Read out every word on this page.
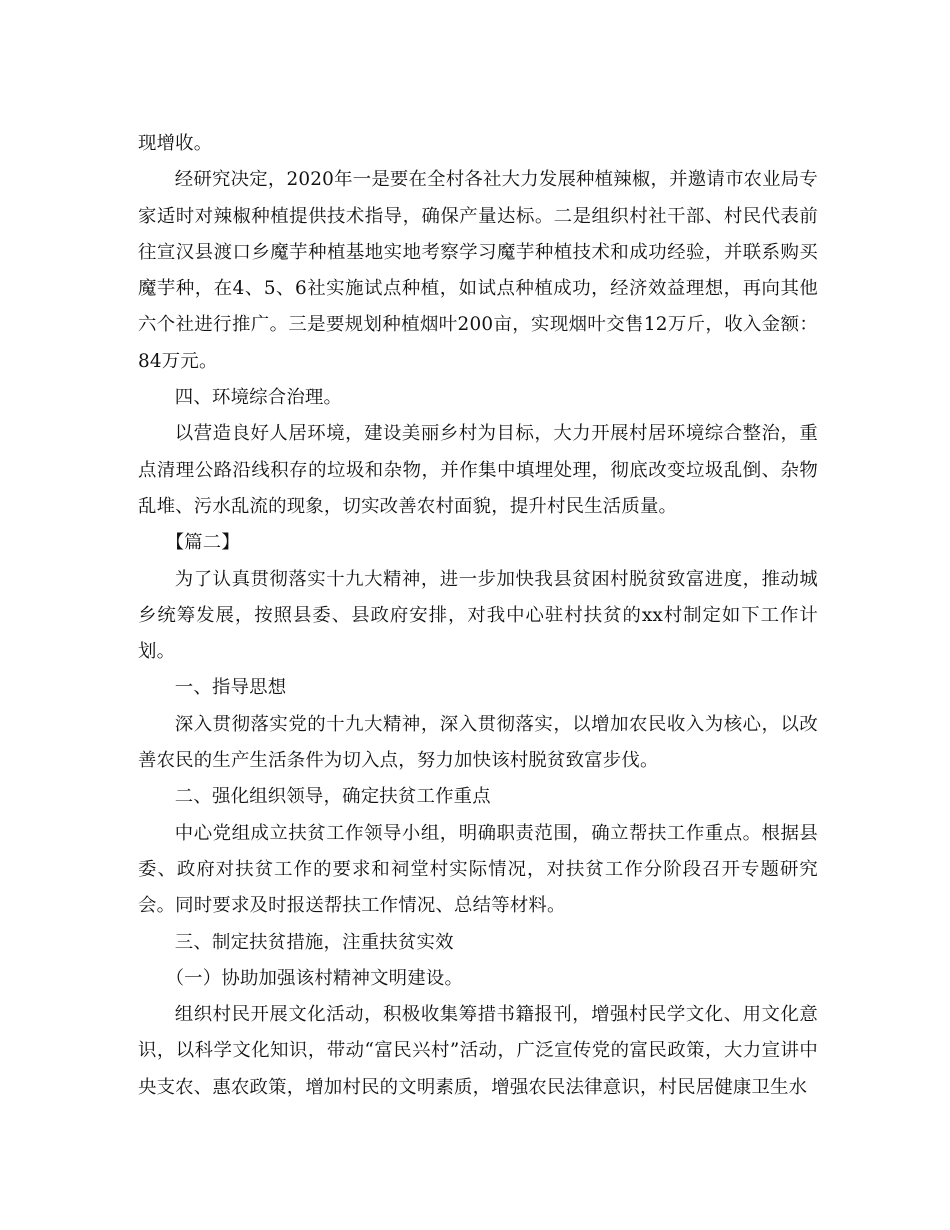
现增收。

经研究决定，2020年一是要在全村各社大力发展种植辣椒，并邀请市农业局专家适时对辣椒种植提供技术指导，确保产量达标。二是组织村社干部、村民代表前往宣汉县渡口乡魔芋种植基地实地考察学习魔芋种植技术和成功经验，并联系购买魔芋种，在4、5、6社实施试点种植，如试点种植成功，经济效益理想，再向其他六个社进行推广。三是要规划种植烟叶200亩，实现烟叶交售12万斤，收入金额：84万元。

四、环境综合治理。

以营造良好人居环境，建设美丽乡村为目标，大力开展村居环境综合整治，重点清理公路沿线积存的垃圾和杂物，并作集中填埋处理，彻底改变垃圾乱倒、杂物乱堆、污水乱流的现象，切实改善农村面貌，提升村民生活质量。

【篇二】

为了认真贯彻落实十九大精神，进一步加快我县贫困村脱贫致富进度，推动城乡统筹发展，按照县委、县政府安排，对我中心驻村扶贫的xx村制定如下工作计划。

一、指导思想

深入贯彻落实党的十九大精神，深入贯彻落实，以增加农民收入为核心，以改善农民的生产生活条件为切入点，努力加快该村脱贫致富步伐。

二、强化组织领导，确定扶贫工作重点

中心党组成立扶贫工作领导小组，明确职责范围，确立帮扶工作重点。根据县委、政府对扶贫工作的要求和祠堂村实际情况，对扶贫工作分阶段召开专题研究会。同时要求及时报送帮扶工作情况、总结等材料。

三、制定扶贫措施，注重扶贫实效

（一）协助加强该村精神文明建设。

组织村民开展文化活动，积极收集筹措书籍报刊，增强村民学文化、用文化意识，以科学文化知识，带动“富民兴村”活动，广泛宣传党的富民政策，大力宣讲中央支农、惠农政策，增加村民的文明素质，增强农民法律意识，村民居健康卫生水
